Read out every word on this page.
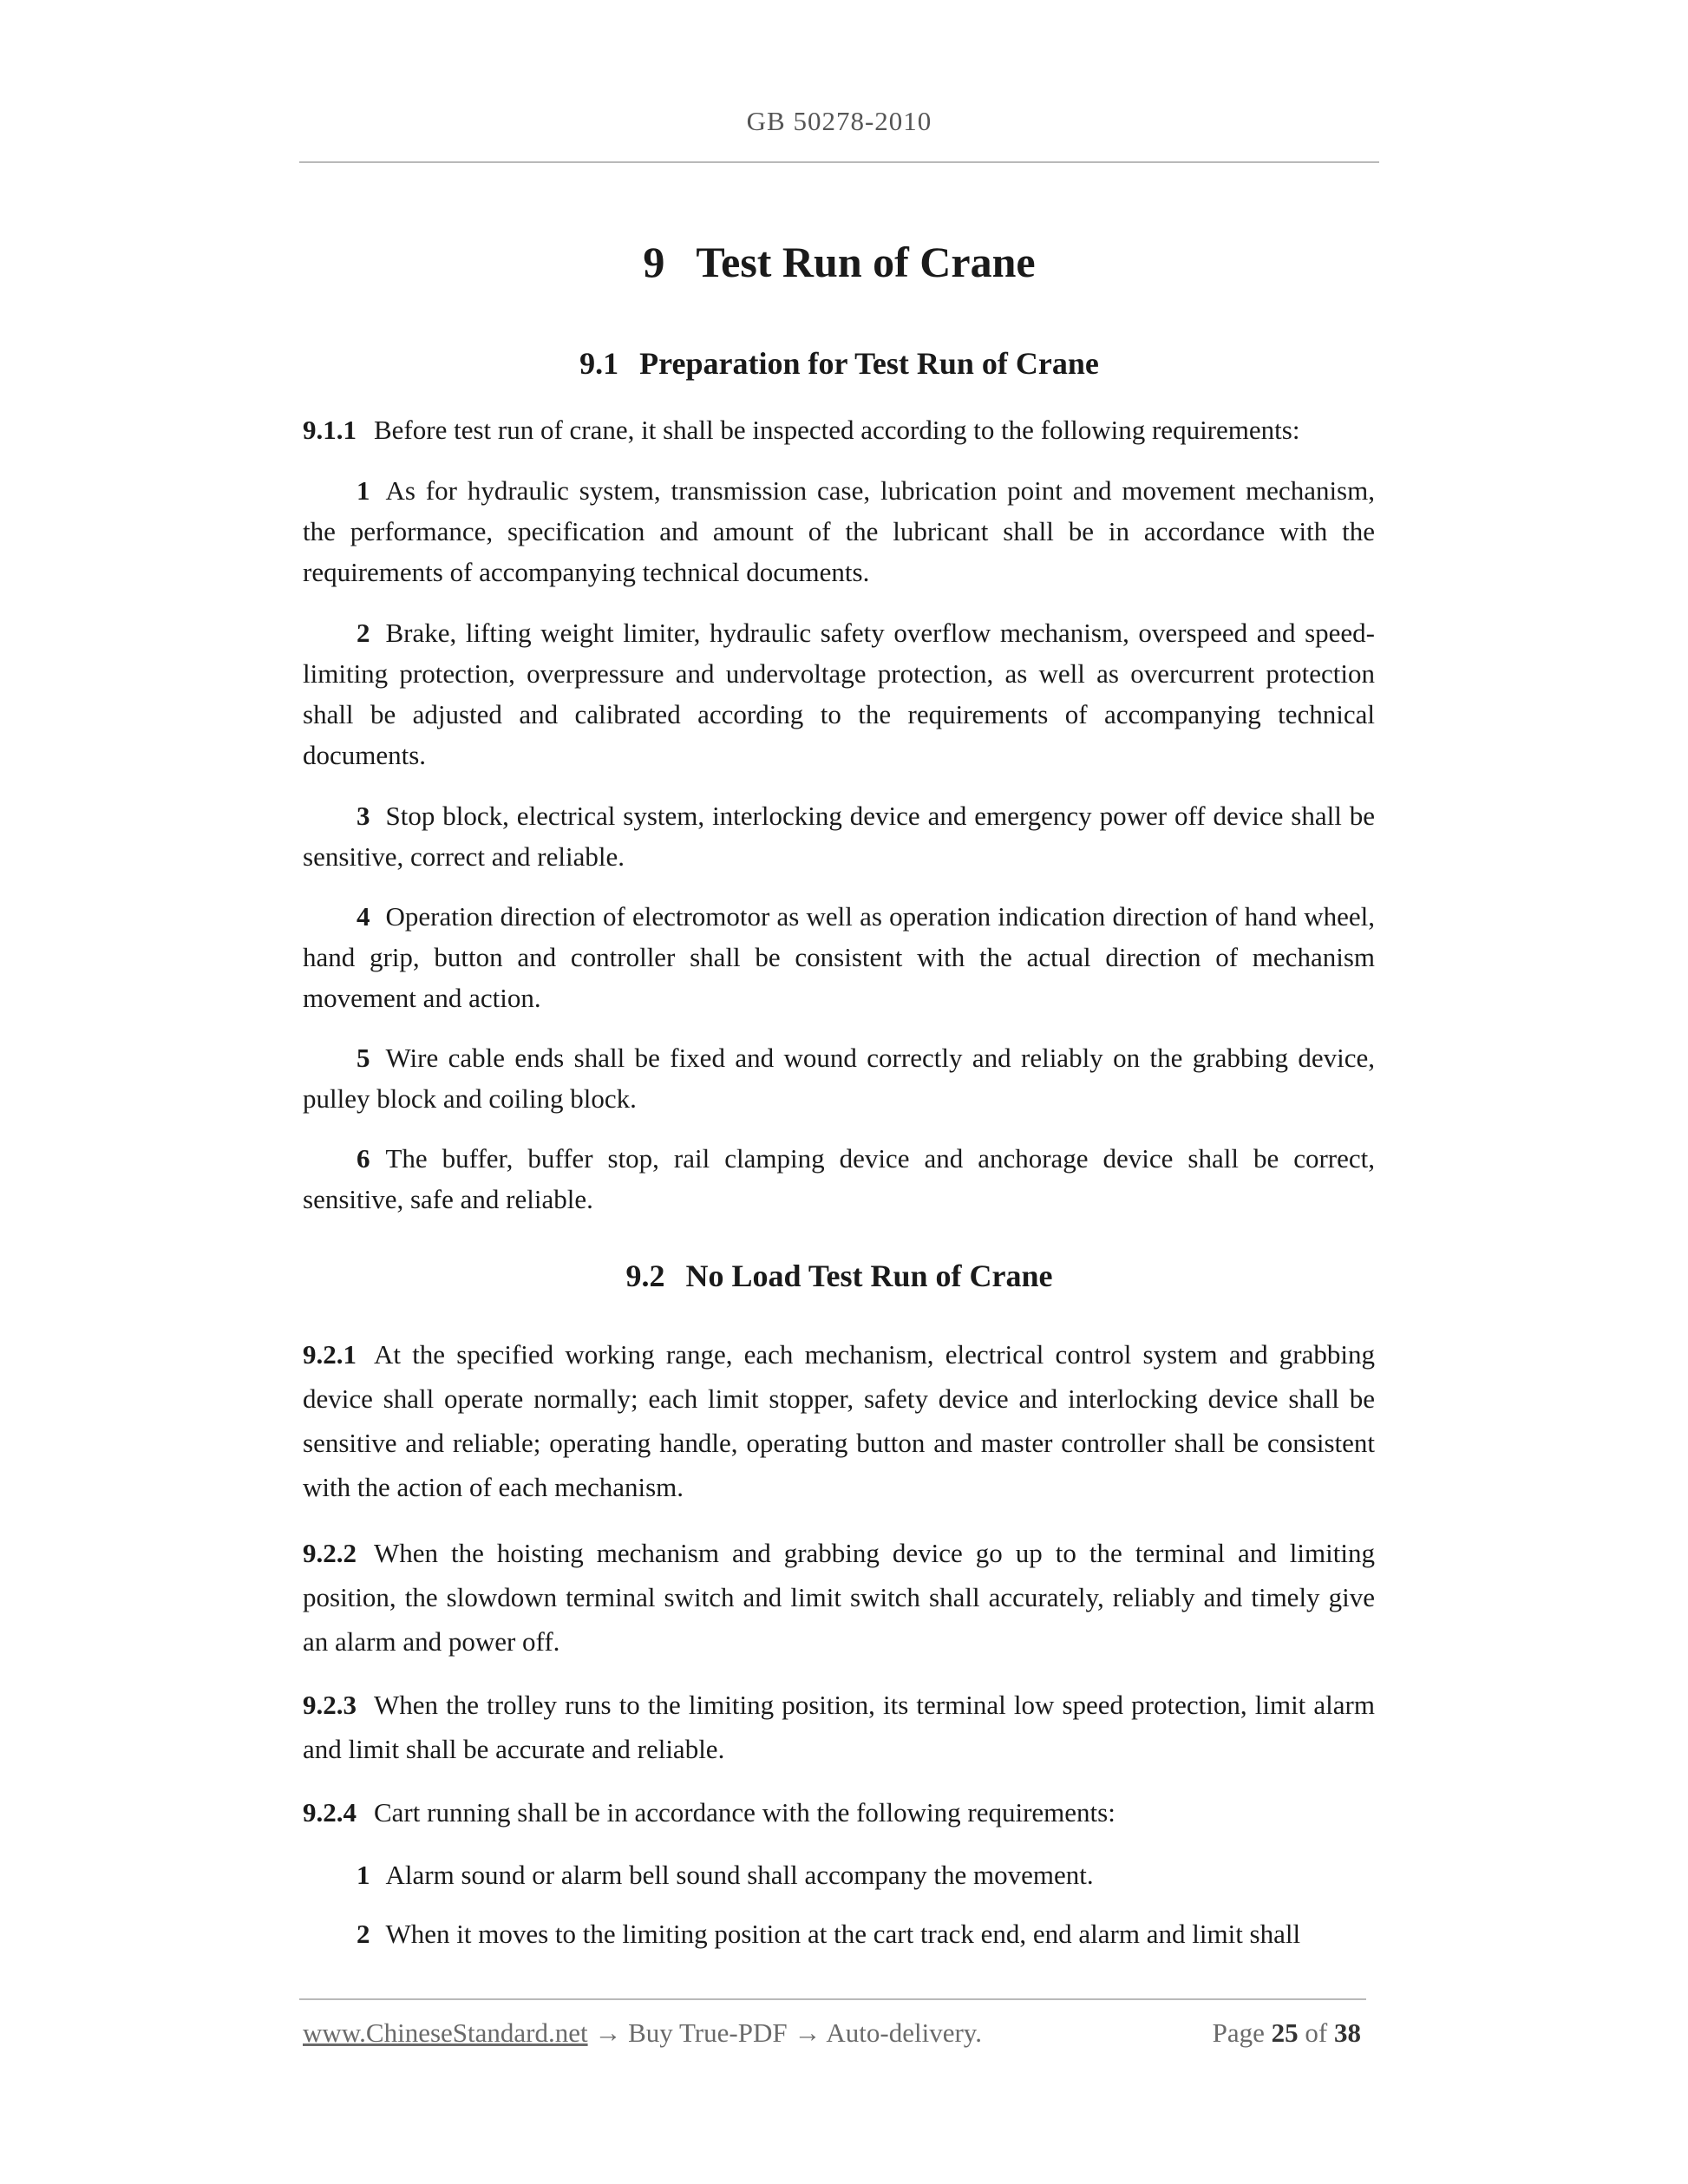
GB 50278-2010
9 Test Run of Crane
9.1 Preparation for Test Run of Crane

9.1.1 Before test run of crane, it shall be inspected according to the following requirements:

1 As for hydraulic system, transmission case, lubrication point and movement mechanism, the performance, specification and amount of the lubricant shall be in accordance with the requirements of accompanying technical documents.

2 Brake, lifting weight limiter, hydraulic safety overflow mechanism, overspeed and speed-limiting protection, overpressure and undervoltage protection, as well as overcurrent protection shall be adjusted and calibrated according to the requirements of accompanying technical documents.

3 Stop block, electrical system, interlocking device and emergency power off device shall be sensitive, correct and reliable.

4 Operation direction of electromotor as well as operation indication direction of hand wheel, hand grip, button and controller shall be consistent with the actual direction of mechanism movement and action.

5 Wire cable ends shall be fixed and wound correctly and reliably on the grabbing device, pulley block and coiling block.

6 The buffer, buffer stop, rail clamping device and anchorage device shall be correct, sensitive, safe and reliable.

9.2 No Load Test Run of Crane

9.2.1 At the specified working range, each mechanism, electrical control system and grabbing device shall operate normally; each limit stopper, safety device and interlocking device shall be sensitive and reliable; operating handle, operating button and master controller shall be consistent with the action of each mechanism.

9.2.2 When the hoisting mechanism and grabbing device go up to the terminal and limiting position, the slowdown terminal switch and limit switch shall accurately, reliably and timely give an alarm and power off.

9.2.3 When the trolley runs to the limiting position, its terminal low speed protection, limit alarm and limit shall be accurate and reliable.

9.2.4 Cart running shall be in accordance with the following requirements:

1 Alarm sound or alarm bell sound shall accompany the movement.

2 When it moves to the limiting position at the cart track end, end alarm and limit shall

www.ChineseStandard.net → Buy True-PDF → Auto-delivery.	Page 25 of 38
